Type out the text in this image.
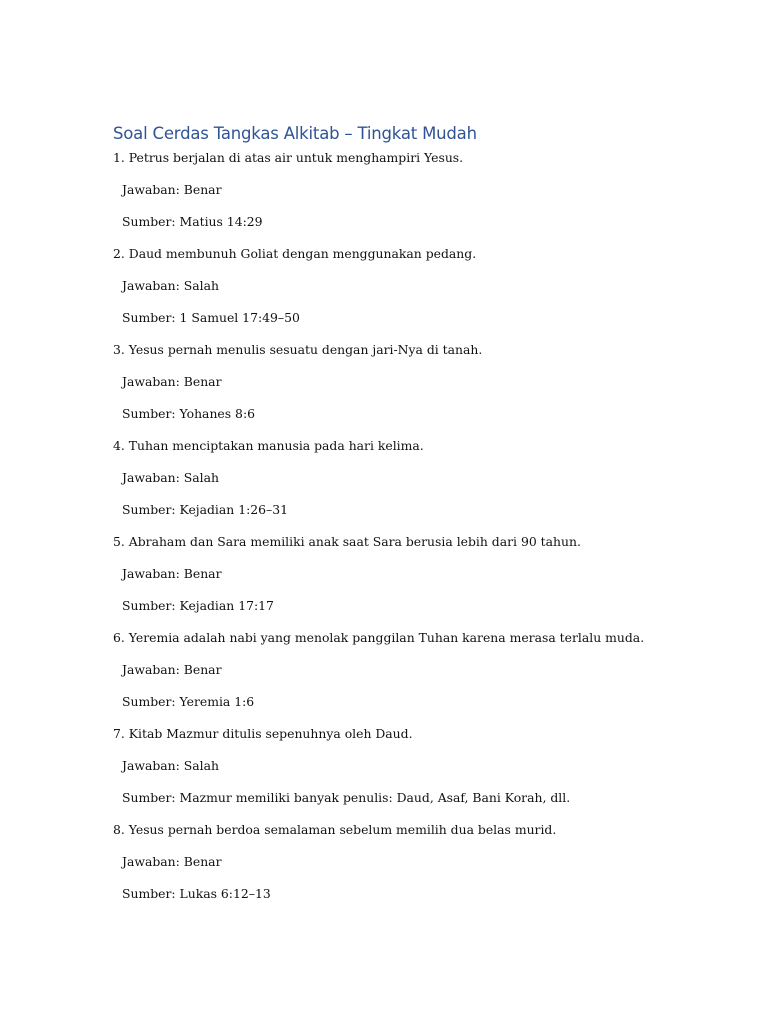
Soal Cerdas Tangkas Alkitab – Tingkat Mudah
1. Petrus berjalan di atas air untuk menghampiri Yesus.
Jawaban: Benar
Sumber: Matius 14:29
2. Daud membunuh Goliat dengan menggunakan pedang.
Jawaban: Salah
Sumber: 1 Samuel 17:49–50
3. Yesus pernah menulis sesuatu dengan jari-Nya di tanah.
Jawaban: Benar
Sumber: Yohanes 8:6
4. Tuhan menciptakan manusia pada hari kelima.
Jawaban: Salah
Sumber: Kejadian 1:26–31
5. Abraham dan Sara memiliki anak saat Sara berusia lebih dari 90 tahun.
Jawaban: Benar
Sumber: Kejadian 17:17
6. Yeremia adalah nabi yang menolak panggilan Tuhan karena merasa terlalu muda.
Jawaban: Benar
Sumber: Yeremia 1:6
7. Kitab Mazmur ditulis sepenuhnya oleh Daud.
Jawaban: Salah
Sumber: Mazmur memiliki banyak penulis: Daud, Asaf, Bani Korah, dll.
8. Yesus pernah berdoa semalaman sebelum memilih dua belas murid.
Jawaban: Benar
Sumber: Lukas 6:12–13
